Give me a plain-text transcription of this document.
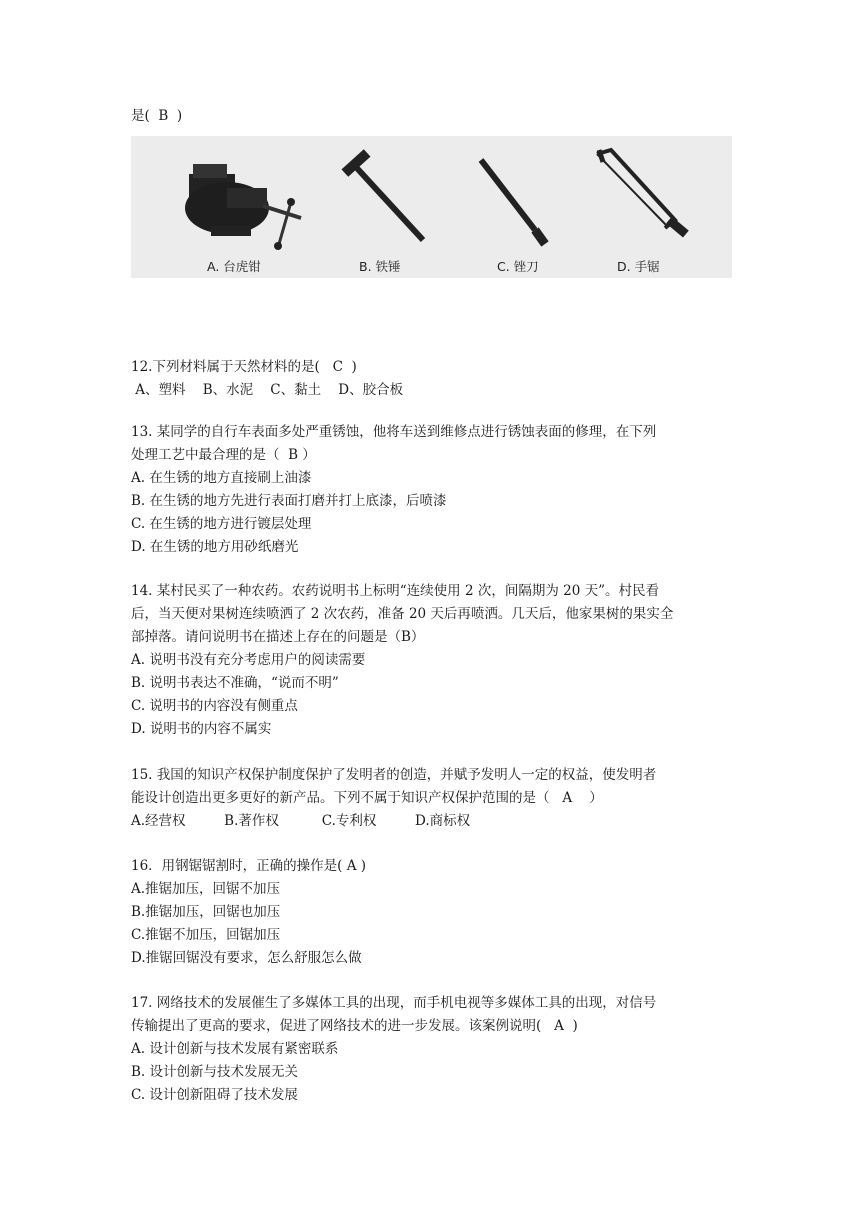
是(  B  )
A. 台虎钳	B. 铁锤	C. 锉刀	D. 手锯
12.下列材料属于天然材料的是(   C  )
A、塑料    B、水泥    C、黏土    D、胶合板
13. 某同学的自行车表面多处严重锈蚀，他将车送到维修点进行锈蚀表面的修理，在下列
处理工艺中最合理的是（  B ）
A. 在生锈的地方直接刷上油漆
B. 在生锈的地方先进行表面打磨并打上底漆，后喷漆
C. 在生锈的地方进行镀层处理
D. 在生锈的地方用砂纸磨光
14. 某村民买了一种农药。农药说明书上标明“连续使用 2 次，间隔期为 20 天”。村民看
后，当天便对果树连续喷洒了 2 次农药，准备 20 天后再喷洒。几天后，他家果树的果实全
部掉落。请问说明书在描述上存在的问题是（B）
A. 说明书没有充分考虑用户的阅读需要
B. 说明书表达不准确，“说而不明”
C. 说明书的内容没有侧重点
D. 说明书的内容不属实
15. 我国的知识产权保护制度保护了发明者的创造，并赋予发明人一定的权益，使发明者
能设计创造出更多更好的新产品。下列不属于知识产权保护范围的是（   A    ）
A.经营权         B.著作权          C.专利权         D.商标权
16．用钢锯锯割时，正确的操作是( A )
A.推锯加压，回锯不加压
B.推锯加压，回锯也加压
C.推锯不加压，回锯加压
D.推锯回锯没有要求，怎么舒服怎么做
17. 网络技术的发展催生了多媒体工具的出现，而手机电视等多媒体工具的出现，对信号
传输提出了更高的要求，促进了网络技术的进一步发展。该案例说明(   A  )
A. 设计创新与技术发展有紧密联系
B. 设计创新与技术发展无关
C. 设计创新阻碍了技术发展
